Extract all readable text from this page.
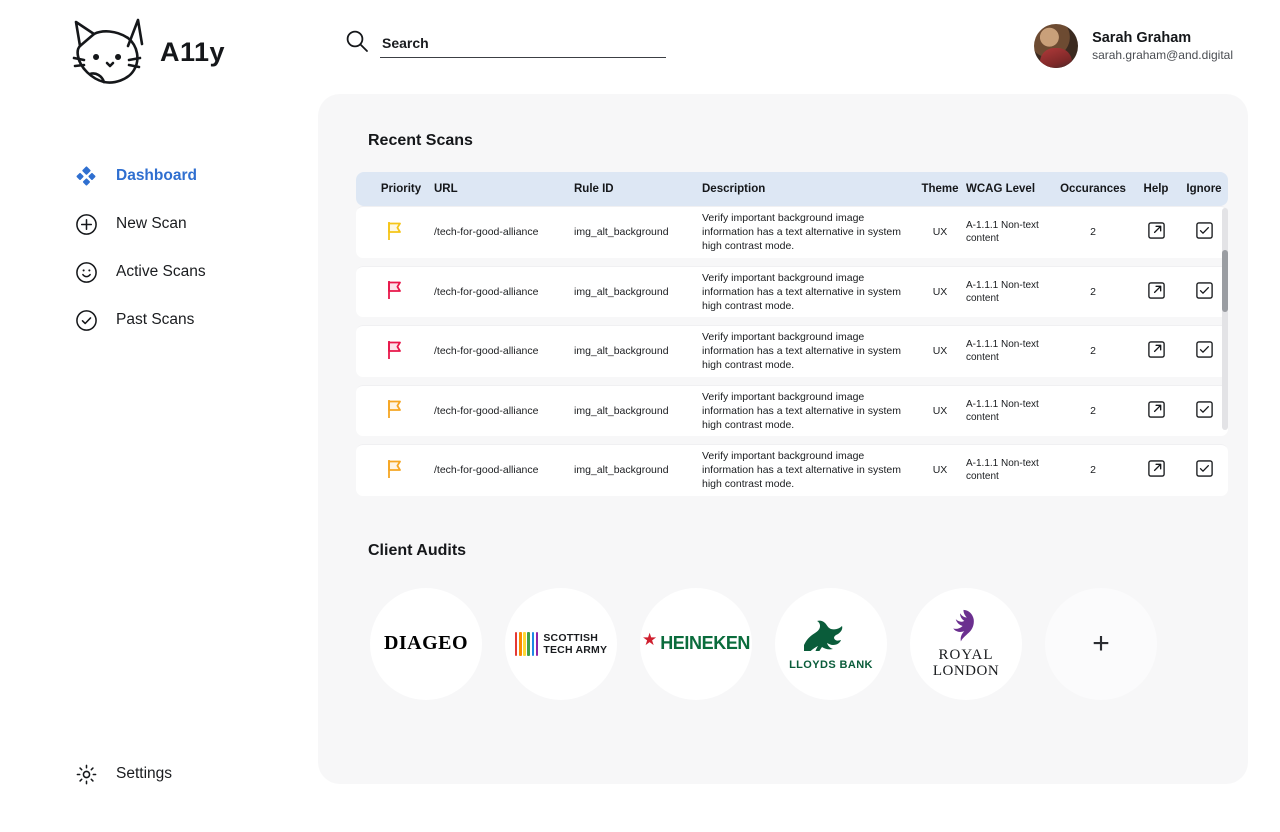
A11y
Dashboard
New Scan
Active Scans
Past Scans
Settings
Search
Sarah Graham
sarah.graham@and.digital
Recent Scans
Priority	URL	Rule ID	Description	Theme	WCAG Level	Occurances	Help	Ignore
	/tech-for-good-alliance	img_alt_background	Verify important background image information has a text alternative in system high contrast mode.	UX	A-1.1.1 Non-text content	2		

	/tech-for-good-alliance	img_alt_background	Verify important background image information has a text alternative in system high contrast mode.	UX	A-1.1.1 Non-text content	2		

	/tech-for-good-alliance	img_alt_background	Verify important background image information has a text alternative in system high contrast mode.	UX	A-1.1.1 Non-text content	2		

	/tech-for-good-alliance	img_alt_background	Verify important background image information has a text alternative in system high contrast mode.	UX	A-1.1.1 Non-text content	2		

	/tech-for-good-alliance	img_alt_background	Verify important background image information has a text alternative in system high contrast mode.	UX	A-1.1.1 Non-text content	2		
Client Audits
DIAGEO	SCOTTISH
TECH ARMY
★ HEINEKEN
LLOYDS BANK
ROYAL
LONDON
+
